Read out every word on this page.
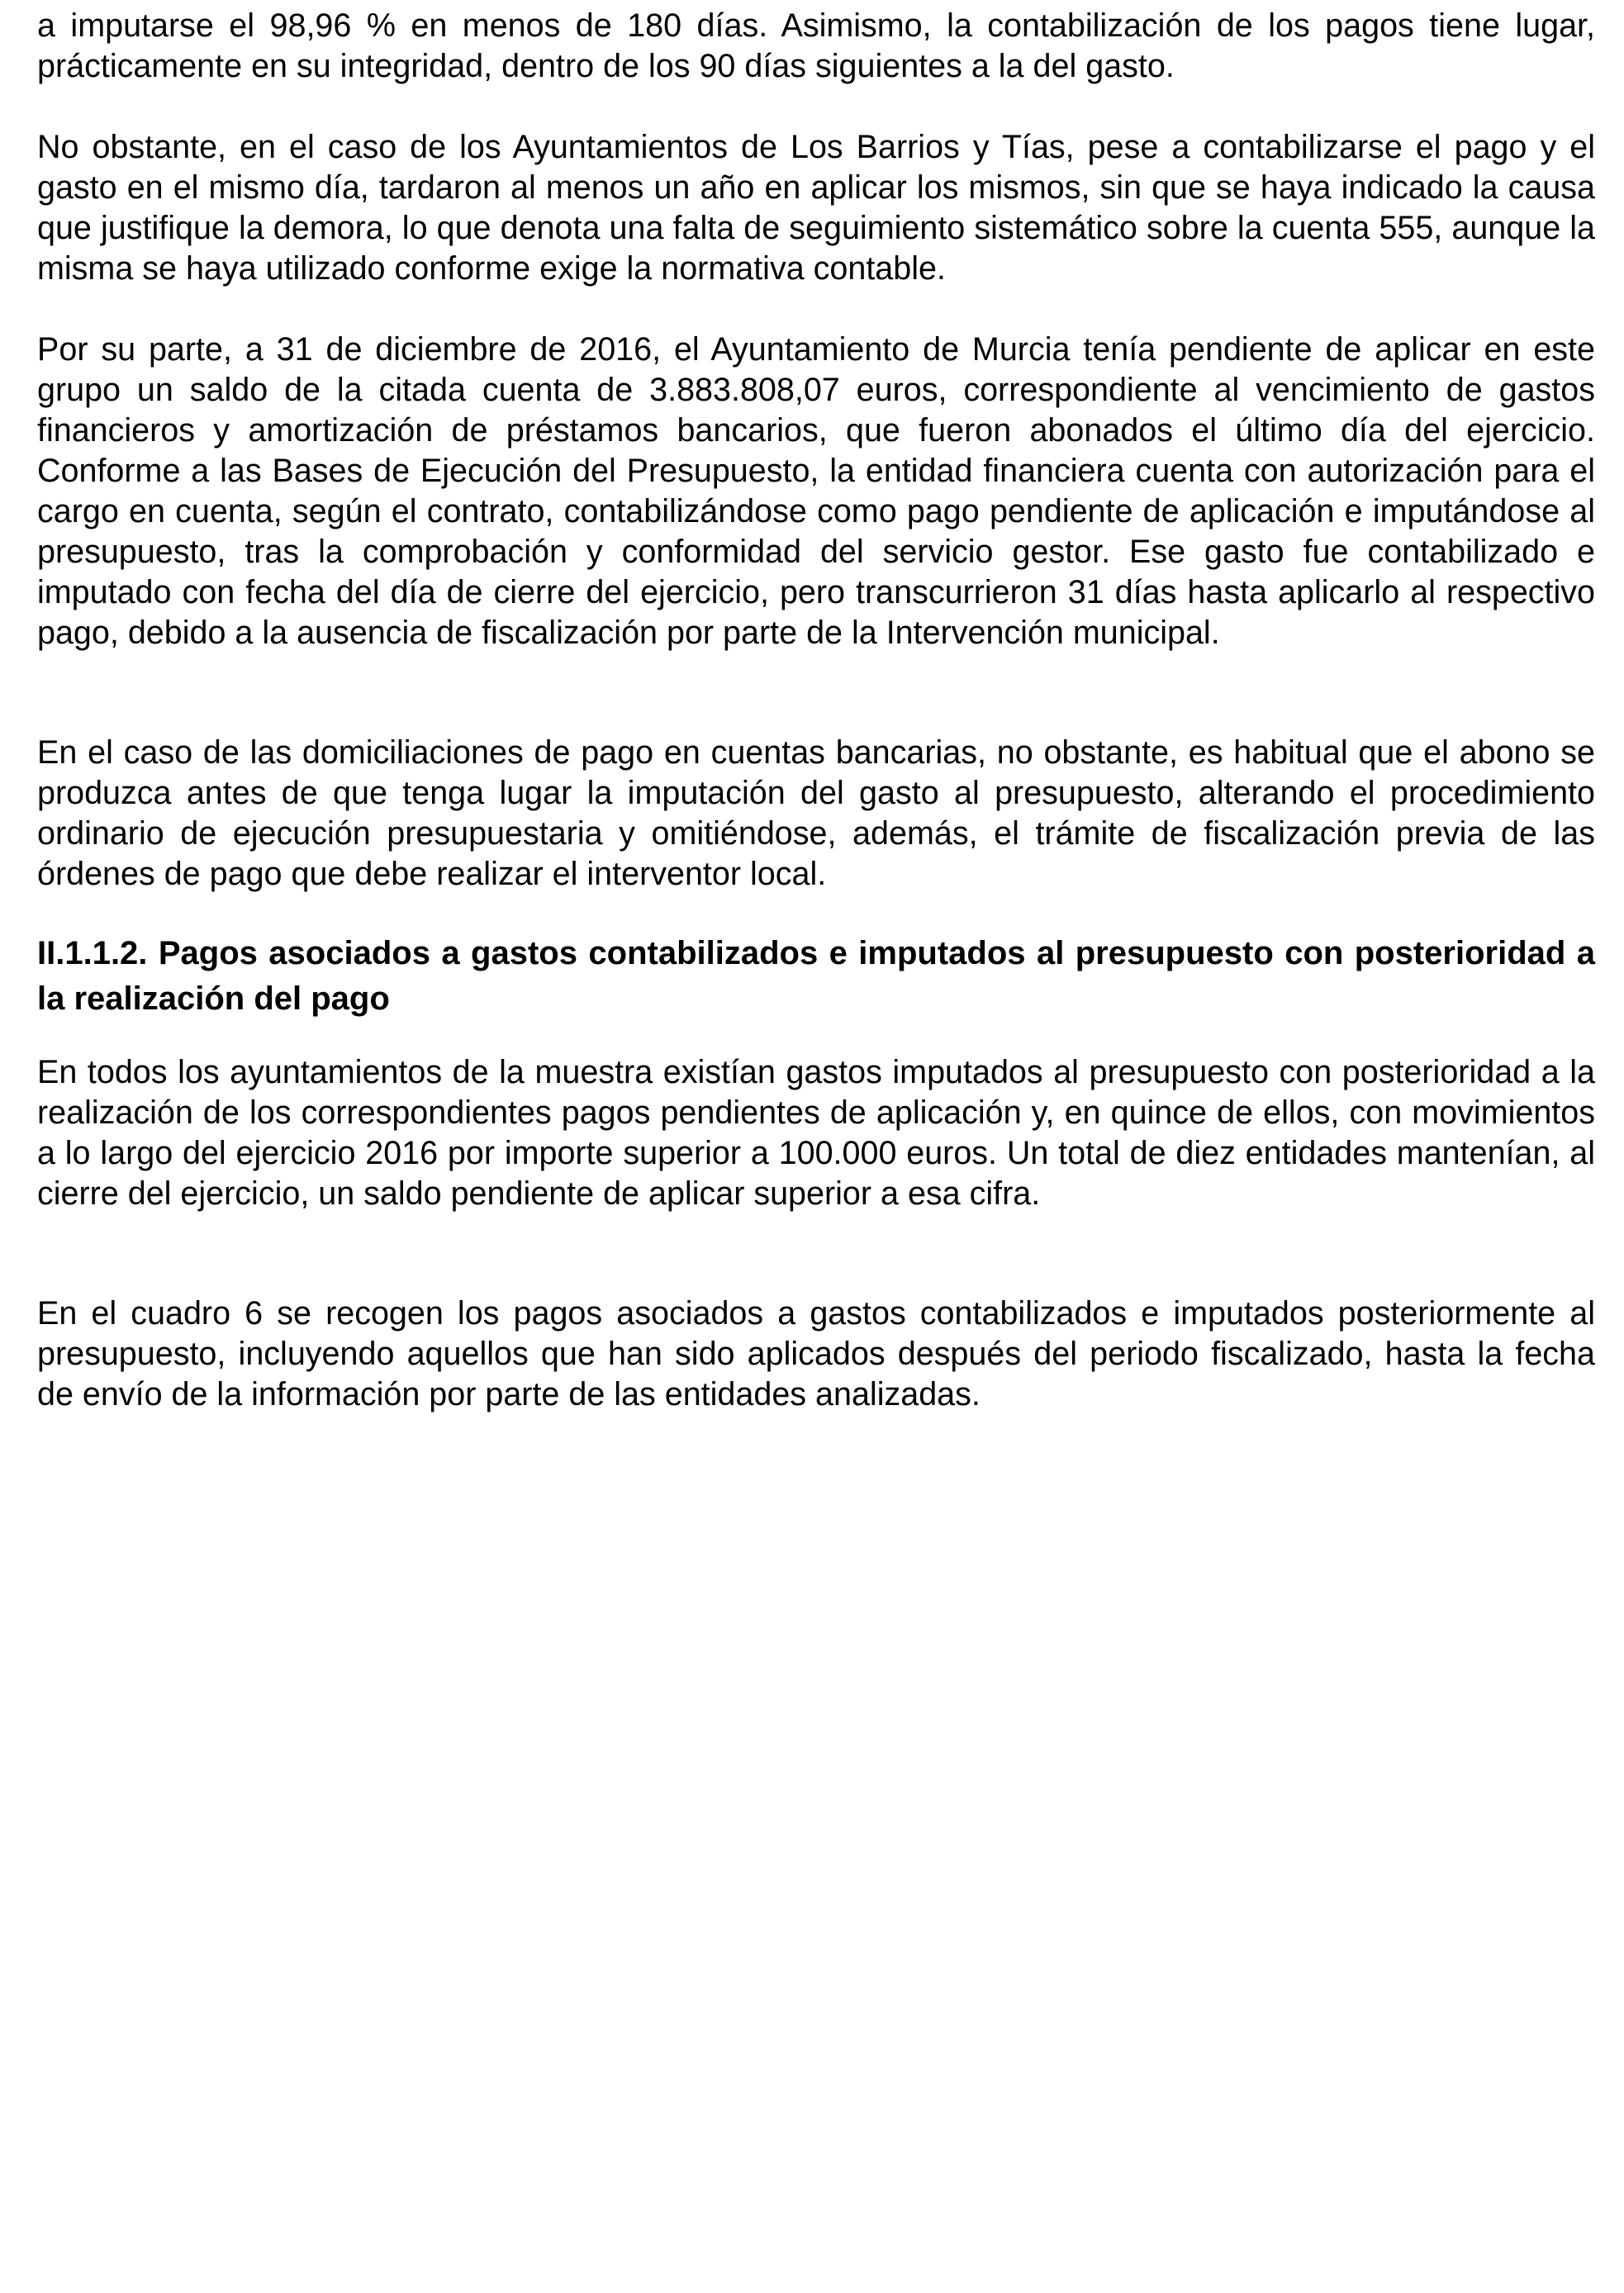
a imputarse el 98,96 % en menos de 180 días. Asimismo, la contabilización de los pagos tiene lugar, prácticamente en su integridad, dentro de los 90 días siguientes a la del gasto.

No obstante, en el caso de los Ayuntamientos de Los Barrios y Tías, pese a contabilizarse el pago y el gasto en el mismo día, tardaron al menos un año en aplicar los mismos, sin que se haya indicado la causa que justifique la demora, lo que denota una falta de seguimiento sistemático sobre la cuenta 555, aunque la misma se haya utilizado conforme exige la normativa contable.

Por su parte, a 31 de diciembre de 2016, el Ayuntamiento de Murcia tenía pendiente de aplicar en este grupo un saldo de la citada cuenta de 3.883.808,07 euros, correspondiente al vencimiento de gastos financieros y amortización de préstamos bancarios, que fueron abonados el último día del ejercicio. Conforme a las Bases de Ejecución del Presupuesto, la entidad financiera cuenta con autorización para el cargo en cuenta, según el contrato, contabilizándose como pago pendiente de aplicación e imputándose al presupuesto, tras la comprobación y conformidad del servicio gestor. Ese gasto fue contabilizado e imputado con fecha del día de cierre del ejercicio, pero transcurrieron 31 días hasta aplicarlo al respectivo pago, debido a la ausencia de fiscalización por parte de la Intervención municipal.

En el caso de las domiciliaciones de pago en cuentas bancarias, no obstante, es habitual que el abono se produzca antes de que tenga lugar la imputación del gasto al presupuesto, alterando el procedimiento ordinario de ejecución presupuestaria y omitiéndose, además, el trámite de fiscalización previa de las órdenes de pago que debe realizar el interventor local.

II.1.1.2. Pagos asociados a gastos contabilizados e imputados al presupuesto con posterioridad a la realización del pago

En todos los ayuntamientos de la muestra existían gastos imputados al presupuesto con posterioridad a la realización de los correspondientes pagos pendientes de aplicación y, en quince de ellos, con movimientos a lo largo del ejercicio 2016 por importe superior a 100.000 euros. Un total de diez entidades mantenían, al cierre del ejercicio, un saldo pendiente de aplicar superior a esa cifra.

En el cuadro 6 se recogen los pagos asociados a gastos contabilizados e imputados posteriormente al presupuesto, incluyendo aquellos que han sido aplicados después del periodo fiscalizado, hasta la fecha de envío de la información por parte de las entidades analizadas.
